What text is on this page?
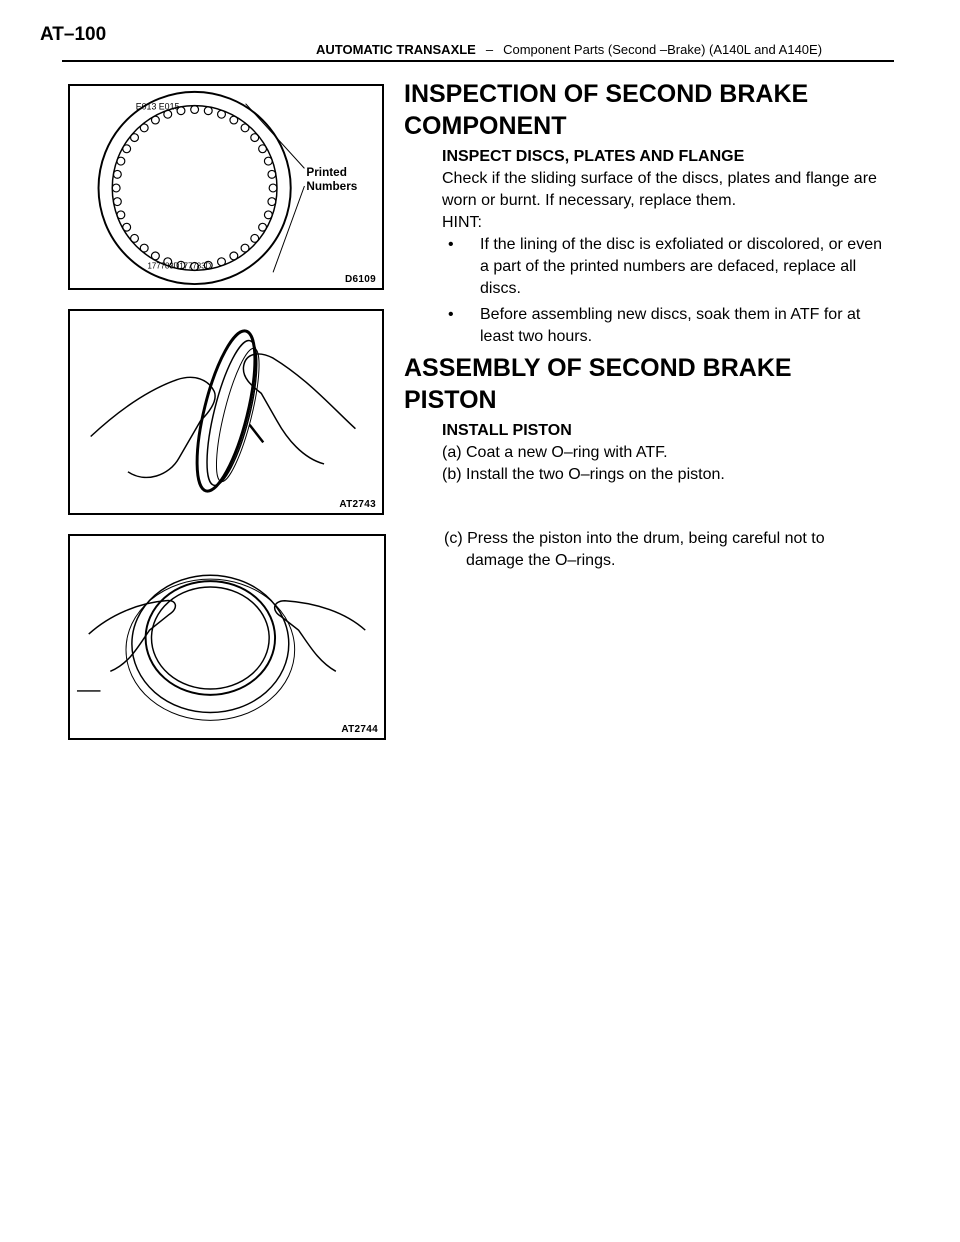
AT–100
AUTOMATIC TRANSAXLE – Component Parts (Second –Brake) (A140L and A140E)
E013 E015
177783D177783D
Printed
Numbers
D6109
AT2743
AT2744
INSPECTION OF SECOND BRAKE
COMPONENT

INSPECT DISCS, PLATES AND FLANGE

Check if the sliding surface of the discs, plates and flange are worn or burnt. If necessary, replace them.

HINT:

• If the lining of the disc is exfoliated or discolored, or even a part of the printed numbers are defaced, replace all discs.
• Before assembling new discs, soak them in ATF for at least two hours.
ASSEMBLY OF SECOND BRAKE
PISTON

INSTALL PISTON

(a) Coat a new O–ring with ATF.

(b) Install the two O–rings on the piston.

(c) Press the piston into the drum, being careful not to damage the O–rings.
